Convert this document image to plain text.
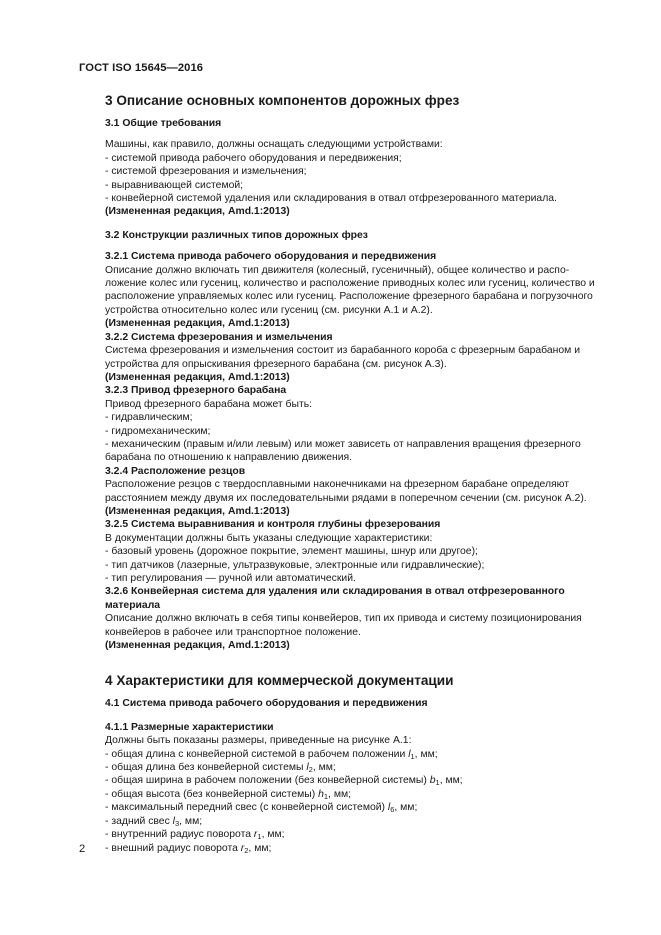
ГОСТ ISO 15645—2016
3 Описание основных компонентов дорожных фрез
3.1 Общие требования
Машины, как правило, должны оснащать следующими устройствами:
- системой привода рабочего оборудования и передвижения;
- системой фрезерования и измельчения;
- выравнивающей системой;
- конвейерной системой удаления или складирования в отвал отфрезерованного материала.
(Измененная редакция, Amd.1:2013)
3.2 Конструкции различных типов дорожных фрез
3.2.1 Система привода рабочего оборудования и передвижения
Описание должно включать тип движителя (колесный, гусеничный), общее количество и распо-
ложение колес или гусениц, количество и расположение приводных колес или гусениц, количество и
расположение управляемых колес или гусениц. Расположение фрезерного барабана и погрузочного
устройства относительно колес или гусениц (см. рисунки А.1 и А.2).
(Измененная редакция, Amd.1:2013)
3.2.2 Система фрезерования и измельчения
Система фрезерования и измельчения состоит из барабанного короба с фрезерным барабаном и
устройства для опрыскивания фрезерного барабана (см. рисунок А.3).
(Измененная редакция, Amd.1:2013)
3.2.3 Привод фрезерного барабана
Привод фрезерного барабана может быть:
- гидравлическим;
- гидромеханическим;
- механическим (правым и/или левым) или может зависеть от направления вращения фрезерного
барабана по отношению к направлению движения.
3.2.4 Расположение резцов
Расположение резцов с твердосплавными наконечниками на фрезерном барабане определяют
расстоянием между двумя их последовательными рядами в поперечном сечении (см. рисунок А.2).
(Измененная редакция, Amd.1:2013)
3.2.5 Система выравнивания и контроля глубины фрезерования
В документации должны быть указаны следующие характеристики:
- базовый уровень (дорожное покрытие, элемент машины, шнур или другое);
- тип датчиков (лазерные, ультразвуковые, электронные или гидравлические);
- тип регулирования — ручной или автоматический.
3.2.6 Конвейерная система для удаления или складирования в отвал отфрезерованного
материала
Описание должно включать в себя типы конвейеров, тип их привода и систему позиционирования
конвейеров в рабочее или транспортное положение.
(Измененная редакция, Amd.1:2013)
4 Характеристики для коммерческой документации
4.1 Система привода рабочего оборудования и передвижения
4.1.1 Размерные характеристики
Должны быть показаны размеры, приведенные на рисунке А.1:
- общая длина с конвейерной системой в рабочем положении $l_1$, мм;
- общая длина без конвейерной системы $l_2$, мм;
- общая ширина в рабочем положении (без конвейерной системы) $b_1$, мм;
- общая высота (без конвейерной системы) $h_1$, мм;
- максимальный передний свес (с конвейерной системой) $l_6$, мм;
- задний свес $l_3$, мм;
- внутренний радиус поворота $r_1$, мм;
- внешний радиус поворота $r_2$, мм;
2
